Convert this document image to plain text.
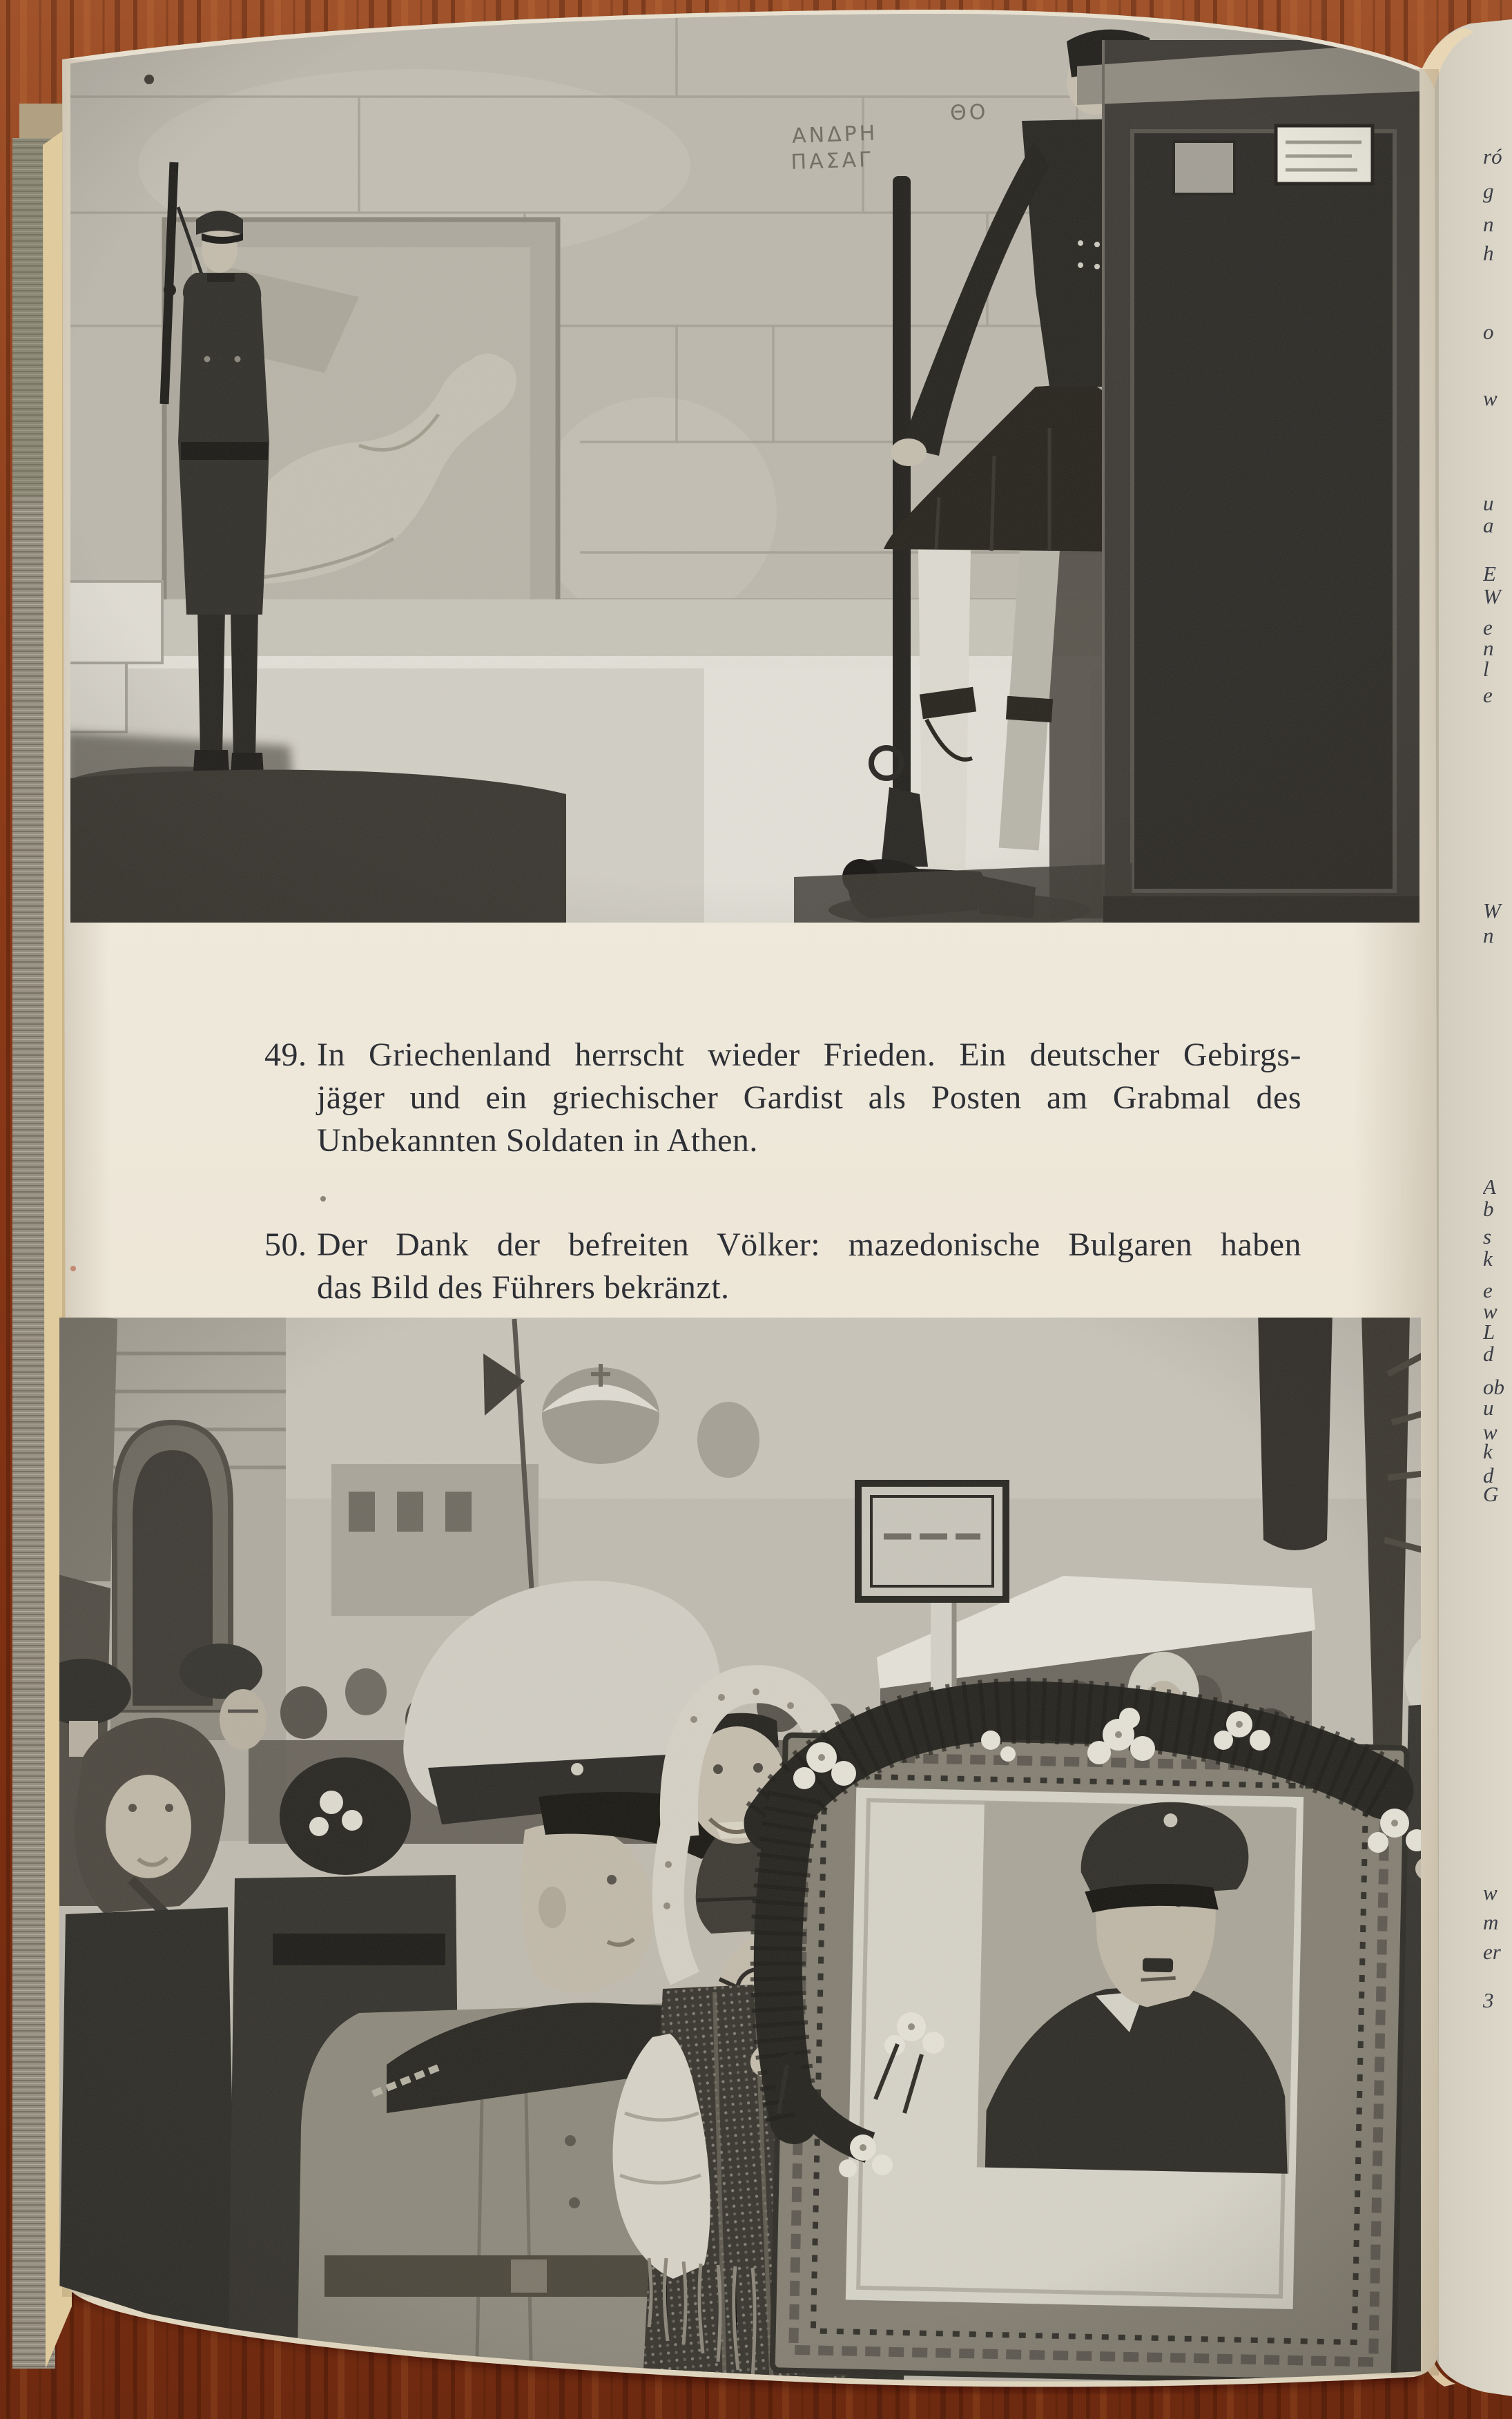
49. In Griechenland herrscht wieder Frieden. Ein deutscher Gebirgs-
jäger und ein griechischer Gardist als Posten am Grabmal des
Unbekannten Soldaten in Athen.
50. Der Dank der befreiten Völker: mazedonische Bulgaren haben
das Bild des Führers bekränzt.
ró
g
n
h
o
w
u
a
E
W
e
n
l
e
W
n
A
b
s
k
e
w
L
d
ob
u
w
k
d
G
w
m
er
3
